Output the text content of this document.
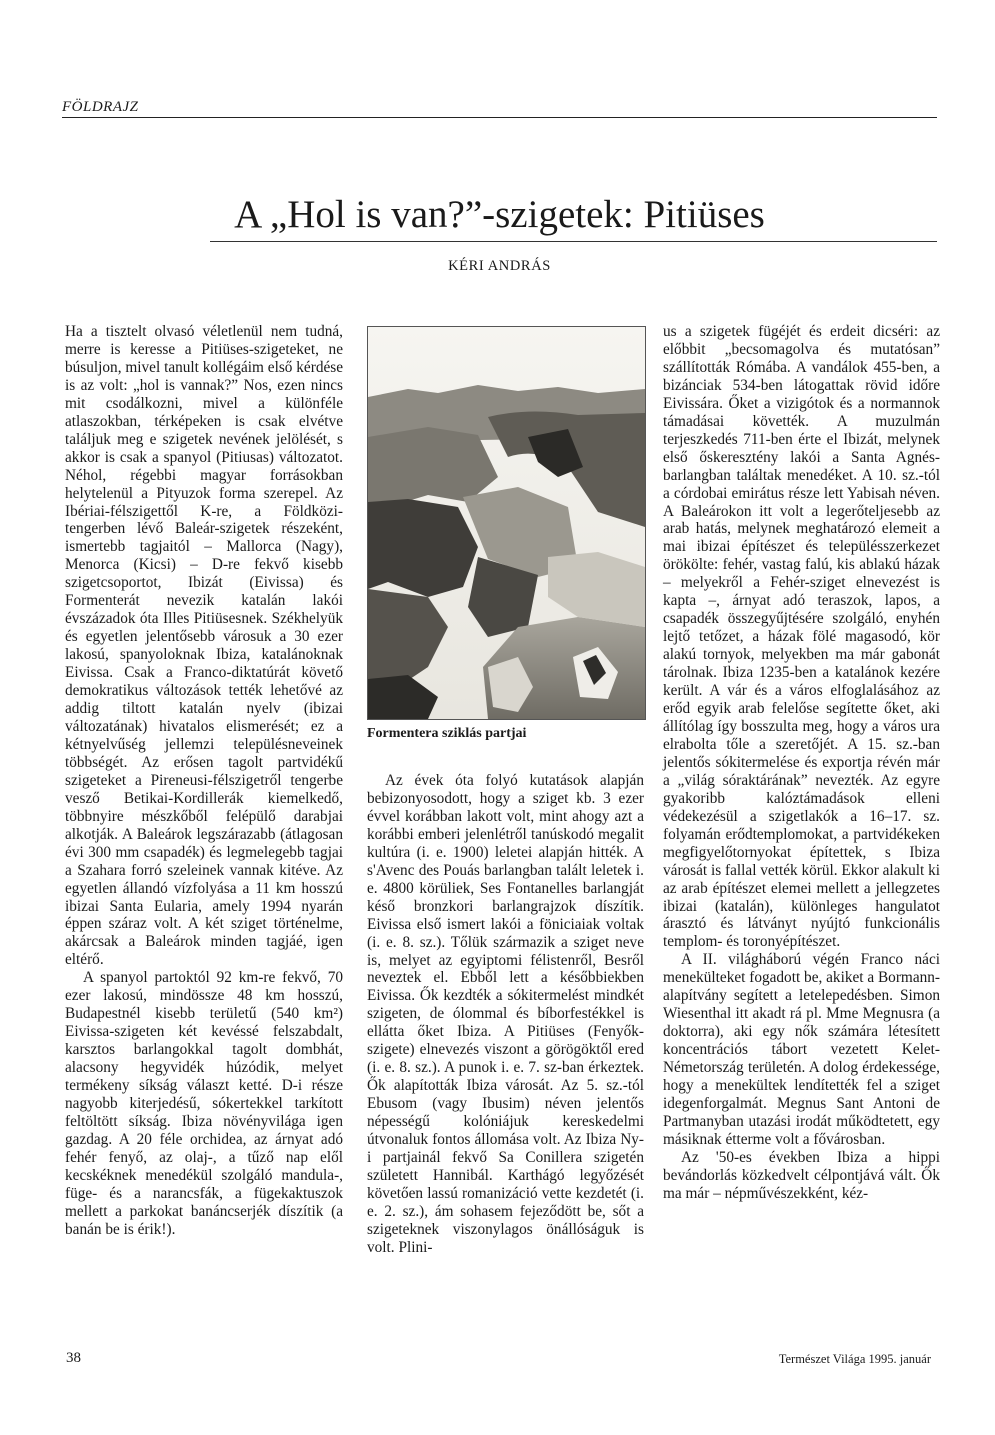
FÖLDRAJZ
A „Hol is van?”-szigetek: Pitiüses
KÉRI ANDRÁS

Ha a tisztelt olvasó véletlenül nem tudná, merre is keresse a Pitiüses-szigeteket, ne búsuljon, mivel tanult kollégáim első kérdése is az volt: „hol is vannak?” Nos, ezen nincs mit csodálkozni, mivel a különféle atlaszokban, térképeken is csak elvétve találjuk meg e szigetek nevének jelölését, s akkor is csak a spanyol (Pitiusas) változatot. Néhol, régebbi magyar forrásokban helytelenül a Pityuzok forma szerepel. Az Ibériai-félszigettől K-re, a Földközi-tengerben lévő Baleár-szigetek részeként, ismertebb tagjaitól – Mallorca (Nagy), Menorca (Kicsi) – D-re fekvő kisebb szigetcsoportot, Ibizát (Eivissa) és Formenterát nevezik katalán lakói évszázadok óta Illes Pitiüsesnek. Székhelyük és egyetlen jelentősebb városuk a 30 ezer lakosú, spanyoloknak Ibiza, katalánoknak Eivissa. Csak a Franco-diktatúrát követő demokratikus változások tették lehetővé az addig tiltott katalán nyelv (ibizai változatának) hivatalos elismerését; ez a kétnyelvűség jellemzi településneveinek többségét. Az erősen tagolt partvidékű szigeteket a Pireneusi-félszigetről tengerbe vesző Betikai-Kordillerák kiemelkedő, többnyire mészkőből felépülő darabjai alkotják. A Baleárok legszárazabb (átlagosan évi 300 mm csapadék) és legmelegebb tagjai a Szahara forró szeleinek vannak kitéve. Az egyetlen állandó vízfolyása a 11 km hosszú ibizai Santa Eularia, amely 1994 nyarán éppen száraz volt. A két sziget történelme, akárcsak a Baleárok minden tagjáé, igen eltérő.

A spanyol partoktól 92 km-re fekvő, 70 ezer lakosú, mindössze 48 km hosszú, Budapestnél kisebb területű (540 km²) Eivissa-szigeten két kevéssé felszabdalt, karsztos barlangokkal tagolt dombhát, alacsony hegyvidék húzódik, melyet termékeny síkság választ ketté. D-i része nagyobb kiterjedésű, sókertekkel tarkított feltöltött síkság. Ibiza növényvilága igen gazdag. A 20 féle orchidea, az árnyat adó fehér fenyő, az olaj-, a tűző nap elől kecskéknek menedékül szolgáló mandula-, füge- és a narancsfák, a fügekaktuszok mellett a parkokat banáncserjék díszítik (a banán be is érik!).

Formentera sziklás partjai

Az évek óta folyó kutatások alapján bebizonyosodott, hogy a sziget kb. 3 ezer évvel korábban lakott volt, mint ahogy azt a korábbi emberi jelenlétről tanúskodó megalit kultúra (i. e. 1900) leletei alapján hitték. A s'Avenc des Pouás barlangban talált leletek i. e. 4800 körüliek, Ses Fontanelles barlangját késő bronzkori barlangrajzok díszítik. Eivissa első ismert lakói a föniciaiak voltak (i. e. 8. sz.). Tőlük származik a sziget neve is, melyet az egyiptomi félistenről, Besről neveztek el. Ebből lett a későbbiekben Eivissa. Ők kezdték a sókitermelést mindkét szigeten, de ólommal és bíborfestékkel is ellátta őket Ibiza. A Pitiüses (Fenyők-szigete) elnevezés viszont a görögöktől ered (i. e. 8. sz.). A punok i. e. 7. sz-ban érkeztek. Ők alapították Ibiza városát. Az 5. sz.-tól Ebusom (vagy Ibusim) néven jelentős népességű kolóniájuk kereskedelmi útvonaluk fontos állomása volt. Az Ibiza Ny-i partjainál fekvő Sa Conillera szigetén született Hannibál. Karthágó legyőzését követően lassú romanizáció vette kezdetét (i. e. 2. sz.), ám sohasem fejeződött be, sőt a szigeteknek viszonylagos önállóságuk is volt. Plini-

us a szigetek fügéjét és erdeit dicséri: az előbbit „becsomagolva és mutatósan” szállították Rómába. A vandálok 455-ben, a bizánciak 534-ben látogattak rövid időre Eivissára. Őket a vizigótok és a normannok támadásai követték. A muzulmán terjeszkedés 711-ben érte el Ibizát, melynek első őskeresztény lakói a Santa Agnés-barlangban találtak menedéket. A 10. sz.-tól a córdobai emirátus része lett Yabisah néven. A Baleárokon itt volt a legerőteljesebb az arab hatás, melynek meghatározó elemeit a mai ibizai építészet és településszerkezet örökölte: fehér, vastag falú, kis ablakú házak – melyekről a Fehér-sziget elnevezést is kapta –, árnyat adó teraszok, lapos, a csapadék összegyűjtésére szolgáló, enyhén lejtő tetőzet, a házak fölé magasodó, kör alakú tornyok, melyekben ma már gabonát tárolnak. Ibiza 1235-ben a katalánok kezére került. A vár és a város elfoglalásához az erőd egyik arab felelőse segítette őket, aki állítólag így bosszulta meg, hogy a város ura elrabolta tőle a szeretőjét. A 15. sz.-ban jelentős sókitermelése és exportja révén már a „világ sóraktárának” nevezték. Az egyre gyakoribb kalóztámadások elleni védekezésül a szigetlakók a 16–17. sz. folyamán erődtemplomokat, a partvidékeken megfigyelőtornyokat építettek, s Ibiza városát is fallal vették körül. Ekkor alakult ki az arab építészet elemei mellett a jellegzetes ibizai (katalán), különleges hangulatot árasztó és látványt nyújtó funkcionális templom- és toronyépítészet.

A II. világháború végén Franco náci menekülteket fogadott be, akiket a Bormann-alapítvány segített a letelepedésben. Simon Wiesenthal itt akadt rá pl. Mme Megnusra (a doktorra), aki egy nők számára létesített koncentrációs tábort vezetett Kelet-Németország területén. A dolog érdekessége, hogy a menekültek lendítették fel a sziget idegenforgalmát. Megnus Sant Antoni de Partmanyban utazási irodát működtetett, egy másiknak étterme volt a fővárosban.

Az '50-es években Ibiza a hippi bevándorlás közkedvelt célpontjává vált. Ők ma már – népművészekként, kéz-

38	Természet Világa 1995. január
